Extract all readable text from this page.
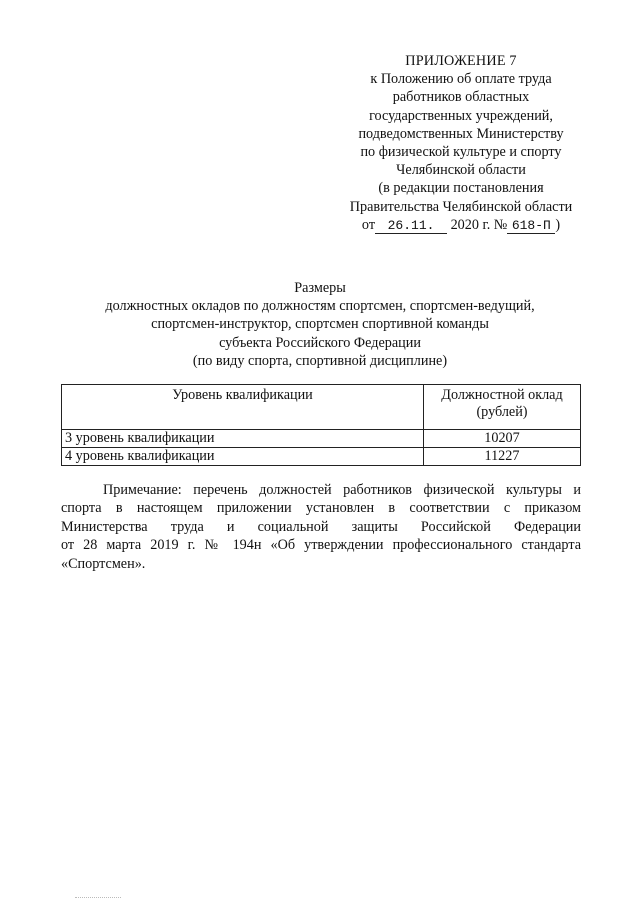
ПРИЛОЖЕНИЕ 7
к Положению об оплате труда
работников областных
государственных учреждений,
подведомственных Министерству
по физической культуре и спорту
Челябинской области
(в редакции постановления
Правительства Челябинской области
от 26.11. 2020 г. № 618-П )
Размеры
должностных окладов по должностям спортсмен, спортсмен-ведущий,
спортсмен-инструктор, спортсмен спортивной команды
субъекта Российского Федерации
(по виду спорта, спортивной дисциплине)
Уровень квалификации	Должностной оклад
(рублей)

3 уровень квалификации	10207
4 уровень квалификации	11227
Примечание: перечень должностей работников физической культуры и
спорта в настоящем приложении установлен в соответствии с приказом
Министерства труда и социальной защиты Российской Федерации
от 28 марта 2019 г. № 194н «Об утверждении профессионального стандарта
«Спортсмен».
